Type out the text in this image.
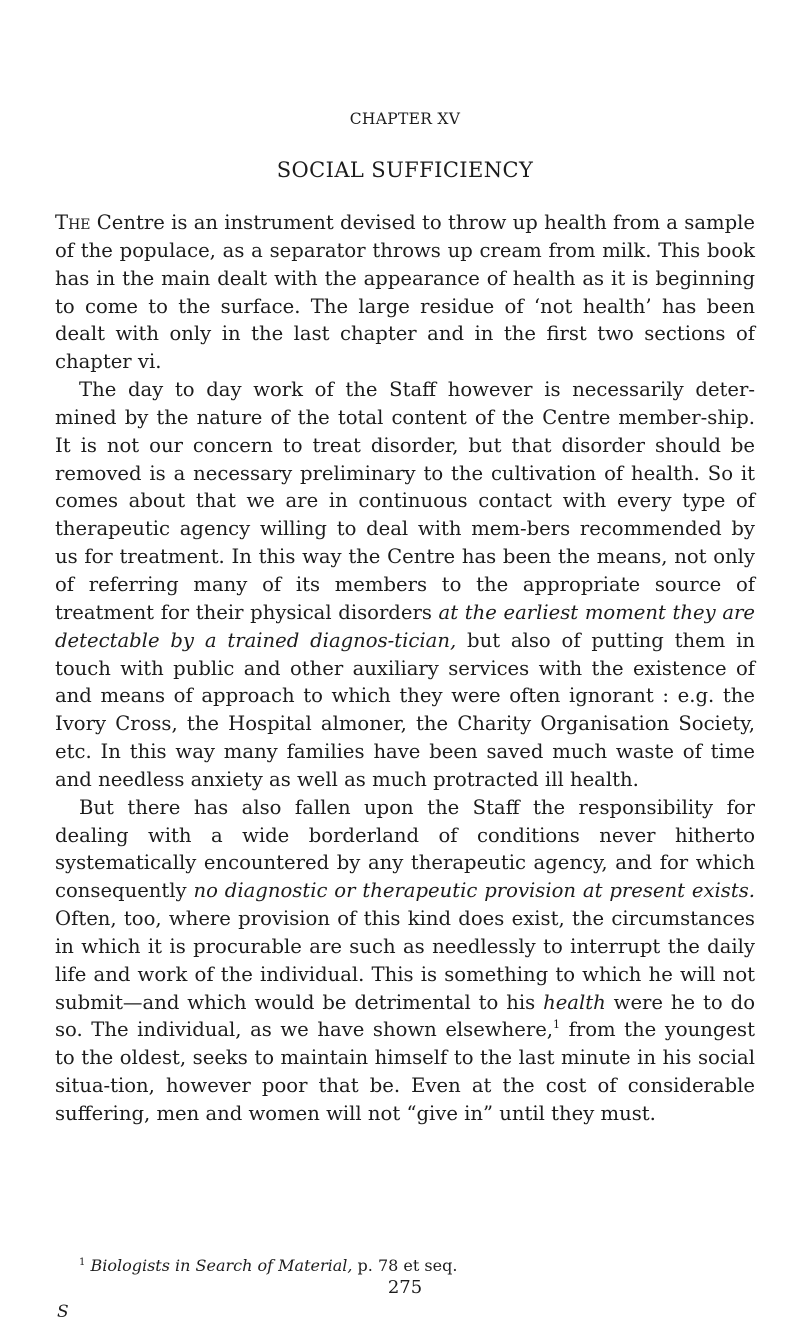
CHAPTER XV
SOCIAL SUFFICIENCY

The Centre is an instrument devised to throw up health from a sample of the populace, as a separator throws up cream from milk. This book has in the main dealt with the appearance of health as it is beginning to come to the surface. The large residue of ‘not health’ has been dealt with only in the last chapter and in the first two sections of chapter vi.

The day to day work of the Staff however is necessarily deter-mined by the nature of the total content of the Centre member-ship. It is not our concern to treat disorder, but that disorder should be removed is a necessary preliminary to the cultivation of health. So it comes about that we are in continuous contact with every type of therapeutic agency willing to deal with mem-bers recommended by us for treatment. In this way the Centre has been the means, not only of referring many of its members to the appropriate source of treatment for their physical disorders at the earliest moment they are detectable by a trained diagnos-tician, but also of putting them in touch with public and other auxiliary services with the existence of and means of approach to which they were often ignorant : e.g. the Ivory Cross, the Hospital almoner, the Charity Organisation Society, etc. In this way many families have been saved much waste of time and needless anxiety as well as much protracted ill health.

But there has also fallen upon the Staff the responsibility for dealing with a wide borderland of conditions never hitherto systematically encountered by any therapeutic agency, and for which consequently no diagnostic or therapeutic provision at present exists. Often, too, where provision of this kind does exist, the circumstances in which it is procurable are such as needlessly to interrupt the daily life and work of the individual. This is something to which he will not submit—and which would be detrimental to his health were he to do so. The individual, as we have shown elsewhere,$^1$ from the youngest to the oldest, seeks to maintain himself to the last minute in his social situa-tion, however poor that be. Even at the cost of considerable suffering, men and women will not “give in” until they must.

$^1$ Biologists in Search of Material, p. 78 et seq.
275
S
